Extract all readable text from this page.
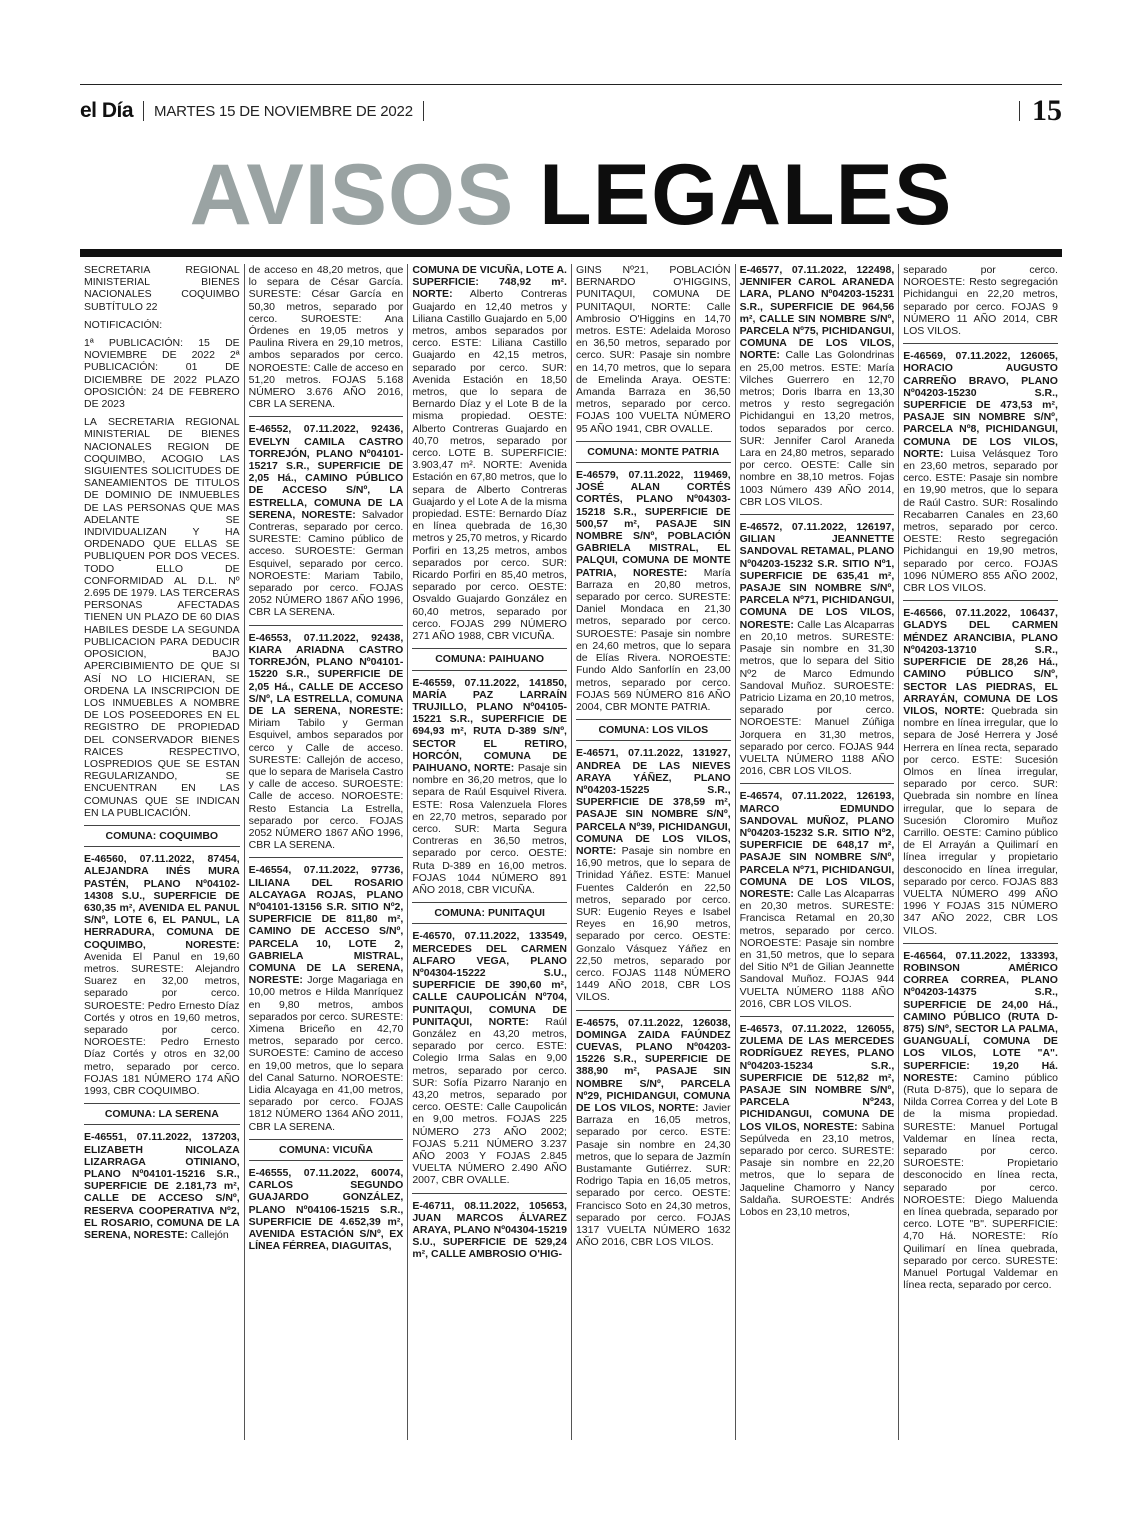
el Día MARTES 15 DE NOVIEMBRE DE 2022	15
AVISOS LEGALES
SECRETARIA REGIONAL MINISTERIAL BIENES NACIONALES COQUIMBO SUBTÍTULO 22
NOTIFICACIÓN:
1ª PUBLICACIÓN: 15 DE NOVIEMBRE DE 2022 2ª PUBLICACIÓN: 01 DE DICIEMBRE DE 2022 PLAZO OPOSICIÓN: 24 DE FEBRERO DE 2023
LA SECRETARIA REGIONAL MINISTERIAL DE BIENES NACIONALES REGION DE COQUIMBO, ACOGIO LAS SIGUIENTES SOLICITUDES DE SANEAMIENTOS DE TITULOS DE DOMINIO DE INMUEBLES DE LAS PERSONAS QUE MAS ADELANTE SE INDIVIDUALIZAN Y HA ORDENADO QUE ELLAS SE PUBLIQUEN POR DOS VECES. TODO ELLO DE CONFORMIDAD AL D.L. Nº 2.695 DE 1979. LAS TERCERAS PERSONAS AFECTADAS TIENEN UN PLAZO DE 60 DIAS HABILES DESDE LA SEGUNDA PUBLICACION PARA DEDUCIR OPOSICION, BAJO APERCIBIMIENTO DE QUE SI ASÍ NO LO HICIERAN, SE ORDENA LA INSCRIPCION DE LOS INMUEBLES A NOMBRE DE LOS POSEEDORES EN EL REGISTRO DE PROPIEDAD DEL CONSERVADOR BIENES RAICES RESPECTIVO, LOSPREDIOS QUE SE ESTAN REGULARIZANDO, SE ENCUENTRAN EN LAS COMUNAS QUE SE INDICAN EN LA PUBLICACIÓN.
COMUNA: COQUIMBO
E-46560, 07.11.2022, 87454, ALEJANDRA INÉS MURA PASTÉN, PLANO Nº04102-14308 S.U., SUPERFICIE DE 630,35 m², AVENIDA EL PANUL S/Nº, LOTE 6, EL PANUL, LA HERRADURA, COMUNA DE COQUIMBO, NORESTE: Avenida El Panul en 19,60 metros. SURESTE: Alejandro Suarez en 32,00 metros, separado por cerco. SUROESTE: Pedro Ernesto Díaz Cortés y otros en 19,60 metros, separado por cerco. NOROESTE: Pedro Ernesto Díaz Cortés y otros en 32,00 metro, separado por cerco. FOJAS 181 NÚMERO 174 AÑO 1993, CBR COQUIMBO.
COMUNA: LA SERENA
E-46551, 07.11.2022, 137203, ELIZABETH NICOLAZA LIZARRAGA OTINIANO, PLANO Nº04101-15216 S.R., SUPERFICIE DE 2.181,73 m², CALLE DE ACCESO S/Nº, RESERVA COOPERATIVA Nº2, EL ROSARIO, COMUNA DE LA SERENA, NORESTE: Callejón
de acceso en 48,20 metros, que lo separa de César García. SURESTE: César García en 50,30 metros, separado por cerco. SUROESTE: Ana Órdenes en 19,05 metros y Paulina Rivera en 29,10 metros, ambos separados por cerco. NOROESTE: Calle de acceso en 51,20 metros. FOJAS 5.168 NÚMERO 3.676 AÑO 2016, CBR LA SERENA.
E-46552, 07.11.2022, 92436, EVELYN CAMILA CASTRO TORREJÓN, PLANO Nº04101-15217 S.R., SUPERFICIE DE 2,05 Há., CAMINO PÚBLICO DE ACCESO S/Nº, LA ESTRELLA, COMUNA DE LA SERENA, NORESTE: Salvador Contreras, separado por cerco. SURESTE: Camino público de acceso. SUROESTE: German Esquivel, separado por cerco. NOROESTE: Mariam Tabilo, separado por cerco. FOJAS 2052 NÚMERO 1867 AÑO 1996, CBR LA SERENA.
E-46553, 07.11.2022, 92438, KIARA ARIADNA CASTRO TORREJÓN, PLANO Nº04101-15220 S.R., SUPERFICIE DE 2,05 Há., CALLE DE ACCESO S/Nº, LA ESTRELLA, COMUNA DE LA SERENA, NORESTE: Miriam Tabilo y German Esquivel, ambos separados por cerco y Calle de acceso. SURESTE: Callejón de acceso, que lo separa de Marisela Castro y calle de acceso. SUROESTE: Calle de acceso. NOROESTE: Resto Estancia La Estrella, separado por cerco. FOJAS 2052 NÚMERO 1867 AÑO 1996, CBR LA SERENA.
E-46554, 07.11.2022, 97736, LILIANA DEL ROSARIO ALCAYAGA ROJAS, PLANO Nº04101-13156 S.R. SITIO Nº2, SUPERFICIE DE 811,80 m², CAMINO DE ACCESO S/Nº, PARCELA 10, LOTE 2, GABRIELA MISTRAL, COMUNA DE LA SERENA, NORESTE: Jorge Magariaga en 10,00 metros e Hilda Manríquez en 9,80 metros, ambos separados por cerco. SURESTE: Ximena Briceño en 42,70 metros, separado por cerco. SUROESTE: Camino de acceso en 19,00 metros, que lo separa del Canal Saturno. NOROESTE: Lidia Alcayaga en 41,00 metros, separado por cerco. FOJAS 1812 NÚMERO 1364 AÑO 2011, CBR LA SERENA.
COMUNA: VICUÑA
E-46555, 07.11.2022, 60074, CARLOS SEGUNDO GUAJARDO GONZÁLEZ, PLANO Nº04106-15215 S.R., SUPERFICIE DE 4.652,39 m², AVENIDA ESTACIÓN S/Nº, EX LÍNEA FÉRREA, DIAGUITAS,
COMUNA DE VICUÑA, LOTE A. SUPERFICIE: 748,92 m². NORTE: Alberto Contreras Guajardo en 12,40 metros y Liliana Castillo Guajardo en 5,00 metros, ambos separados por cerco. ESTE: Liliana Castillo Guajardo en 42,15 metros, separado por cerco. SUR: Avenida Estación en 18,50 metros, que lo separa de Bernardo Díaz y el Lote B de la misma propiedad. OESTE: Alberto Contreras Guajardo en 40,70 metros, separado por cerco. LOTE B. SUPERFICIE: 3.903,47 m². NORTE: Avenida Estación en 67,80 metros, que lo separa de Alberto Contreras Guajardo y el Lote A de la misma propiedad. ESTE: Bernardo Díaz en línea quebrada de 16,30 metros y 25,70 metros, y Ricardo Porfiri en 13,25 metros, ambos separados por cerco. SUR: Ricardo Porfiri en 85,40 metros, separado por cerco. OESTE: Osvaldo Guajardo González en 60,40 metros, separado por cerco. FOJAS 299 NÚMERO 271 AÑO 1988, CBR VICUÑA.
COMUNA: PAIHUANO
E-46559, 07.11.2022, 141850, MARÍA PAZ LARRAÍN TRUJILLO, PLANO Nº04105-15221 S.R., SUPERFICIE DE 694,93 m², RUTA D-389 S/Nº, SECTOR EL RETIRO, HORCÓN, COMUNA DE PAIHUANO, NORTE: Pasaje sin nombre en 36,20 metros, que lo separa de Raúl Esquivel Rivera. ESTE: Rosa Valenzuela Flores en 22,70 metros, separado por cerco. SUR: Marta Segura Contreras en 36,50 metros, separado por cerco. OESTE: Ruta D-389 en 16,00 metros. FOJAS 1044 NÚMERO 891 AÑO 2018, CBR VICUÑA.
COMUNA: PUNITAQUI
E-46570, 07.11.2022, 133549, MERCEDES DEL CARMEN ALFARO VEGA, PLANO Nº04304-15222 S.U., SUPERFICIE DE 390,60 m², CALLE CAUPOLICÁN Nº704, PUNITAQUI, COMUNA DE PUNITAQUI, NORTE: Raúl González en 43,20 metros, separado por cerco. ESTE: Colegio Irma Salas en 9,00 metros, separado por cerco. SUR: Sofía Pizarro Naranjo en 43,20 metros, separado por cerco. OESTE: Calle Caupolicán en 9,00 metros. FOJAS 225 NÚMERO 273 AÑO 2002; FOJAS 5.211 NÚMERO 3.237 AÑO 2003 Y FOJAS 2.845 VUELTA NÚMERO 2.490 AÑO 2007, CBR OVALLE.
E-46711, 08.11.2022, 105653, JUAN MARCOS ÁLVAREZ ARAYA, PLANO Nº04304-15219 S.U., SUPERFICIE DE 529,24 m², CALLE AMBROSIO O'HIG-
GINS Nº21, POBLACIÓN BERNARDO O'HIGGINS, PUNITAQUI, COMUNA DE PUNITAQUI, NORTE: Calle Ambrosio O'Higgins en 14,70 metros. ESTE: Adelaida Moroso en 36,50 metros, separado por cerco. SUR: Pasaje sin nombre en 14,70 metros, que lo separa de Emelinda Araya. OESTE: Amanda Barraza en 36,50 metros, separado por cerco. FOJAS 100 VUELTA NÚMERO 95 AÑO 1941, CBR OVALLE.
COMUNA: MONTE PATRIA
E-46579, 07.11.2022, 119469, JOSÉ ALAN CORTÉS CORTÉS, PLANO Nº04303-15218 S.R., SUPERFICIE DE 500,57 m², PASAJE SIN NOMBRE S/Nº, POBLACIÓN GABRIELA MISTRAL, EL PALQUI, COMUNA DE MONTE PATRIA, NORESTE: María Barraza en 20,80 metros, separado por cerco. SURESTE: Daniel Mondaca en 21,30 metros, separado por cerco. SUROESTE: Pasaje sin nombre en 24,60 metros, que lo separa de Elías Rivera. NOROESTE: Fundo Aldo Sanforlín en 23,00 metros, separado por cerco. FOJAS 569 NÚMERO 816 AÑO 2004, CBR MONTE PATRIA.
COMUNA: LOS VILOS
E-46571, 07.11.2022, 131927, ANDREA DE LAS NIEVES ARAYA YÁÑEZ, PLANO Nº04203-15225 S.R., SUPERFICIE DE 378,59 m², PASAJE SIN NOMBRE S/Nº, PARCELA Nº39, PICHIDANGUI, COMUNA DE LOS VILOS, NORTE: Pasaje sin nombre en 16,90 metros, que lo separa de Trinidad Yáñez. ESTE: Manuel Fuentes Calderón en 22,50 metros, separado por cerco. SUR: Eugenio Reyes e Isabel Reyes en 16,90 metros, separado por cerco. OESTE: Gonzalo Vásquez Yáñez en 22,50 metros, separado por cerco. FOJAS 1148 NÚMERO 1449 AÑO 2018, CBR LOS VILOS.
E-46575, 07.11.2022, 126038, DOMINGA ZAIDA FAÚNDEZ CUEVAS, PLANO Nº04203-15226 S.R., SUPERFICIE DE 388,90 m², PASAJE SIN NOMBRE S/Nº, PARCELA Nº29, PICHIDANGUI, COMUNA DE LOS VILOS, NORTE: Javier Barraza en 16,05 metros, separado por cerco. ESTE: Pasaje sin nombre en 24,30 metros, que lo separa de Jazmín Bustamante Gutiérrez. SUR: Rodrigo Tapia en 16,05 metros, separado por cerco. OESTE: Francisco Soto en 24,30 metros, separado por cerco. FOJAS 1317 VUELTA NÚMERO 1632 AÑO 2016, CBR LOS VILOS.
E-46577, 07.11.2022, 122498, JENNIFER CAROL ARANEDA LARA, PLANO Nº04203-15231 S.R., SUPERFICIE DE 964,56 m², CALLE SIN NOMBRE S/Nº, PARCELA Nº75, PICHIDANGUI, COMUNA DE LOS VILOS, NORTE: Calle Las Golondrinas en 25,00 metros. ESTE: María Vilches Guerrero en 12,70 metros; Doris Ibarra en 13,30 metros y resto segregación Pichidangui en 13,20 metros, todos separados por cerco. SUR: Jennifer Carol Araneda Lara en 24,80 metros, separado por cerco. OESTE: Calle sin nombre en 38,10 metros. Fojas 1003 Número 439 AÑO 2014, CBR LOS VILOS.
E-46572, 07.11.2022, 126197, GILIAN JEANNETTE SANDOVAL RETAMAL, PLANO Nº04203-15232 S.R. SITIO Nº1, SUPERFICIE DE 635,41 m², PASAJE SIN NOMBRE S/Nº, PARCELA Nº71, PICHIDANGUI, COMUNA DE LOS VILOS, NORESTE: Calle Las Alcaparras en 20,10 metros. SURESTE: Pasaje sin nombre en 31,30 metros, que lo separa del Sitio Nº2 de Marco Edmundo Sandoval Muñoz. SUROESTE: Patricio Lizama en 20,10 metros, separado por cerco. NOROESTE: Manuel Zúñiga Jorquera en 31,30 metros, separado por cerco. FOJAS 944 VUELTA NÚMERO 1188 AÑO 2016, CBR LOS VILOS.
E-46574, 07.11.2022, 126193, MARCO EDMUNDO SANDOVAL MUÑOZ, PLANO Nº04203-15232 S.R. SITIO Nº2, SUPERFICIE DE 648,17 m², PASAJE SIN NOMBRE S/Nº, PARCELA Nº71, PICHIDANGUI, COMUNA DE LOS VILOS, NORESTE: Calle Las Alcaparras en 20,30 metros. SURESTE: Francisca Retamal en 20,30 metros, separado por cerco. NOROESTE: Pasaje sin nombre en 31,50 metros, que lo separa del Sitio Nº1 de Gilian Jeannette Sandoval Muñoz. FOJAS 944 VUELTA NÚMERO 1188 AÑO 2016, CBR LOS VILOS.
E-46573, 07.11.2022, 126055, ZULEMA DE LAS MERCEDES RODRÍGUEZ REYES, PLANO Nº04203-15234 S.R., SUPERFICIE DE 512,82 m², PASAJE SIN NOMBRE S/Nº, PARCELA Nº243, PICHIDANGUI, COMUNA DE LOS VILOS, NORESTE: Sabina Sepúlveda en 23,10 metros, separado por cerco. SURESTE: Pasaje sin nombre en 22,20 metros, que lo separa de Jaqueline Chamorro y Nancy Saldaña. SUROESTE: Andrés Lobos en 23,10 metros,
separado por cerco. NOROESTE: Resto segregación Pichidangui en 22,20 metros, separado por cerco. FOJAS 9 NÚMERO 11 AÑO 2014, CBR LOS VILOS.
E-46569, 07.11.2022, 126065, HORACIO AUGUSTO CARREÑO BRAVO, PLANO Nº04203-15230 S.R., SUPERFICIE DE 473,53 m², PASAJE SIN NOMBRE S/Nº, PARCELA Nº8, PICHIDANGUI, COMUNA DE LOS VILOS, NORTE: Luisa Velásquez Toro en 23,60 metros, separado por cerco. ESTE: Pasaje sin nombre en 19,90 metros, que lo separa de Raúl Castro. SUR: Rosalindo Recabarren Canales en 23,60 metros, separado por cerco. OESTE: Resto segregación Pichidangui en 19,90 metros, separado por cerco. FOJAS 1096 NÚMERO 855 AÑO 2002, CBR LOS VILOS.
E-46566, 07.11.2022, 106437, GLADYS DEL CARMEN MÉNDEZ ARANCIBIA, PLANO Nº04203-13710 S.R., SUPERFICIE DE 28,26 Há., CAMINO PÚBLICO S/Nº, SECTOR LAS PIEDRAS, EL ARRAYÁN, COMUNA DE LOS VILOS, NORTE: Quebrada sin nombre en línea irregular, que lo separa de José Herrera y José Herrera en línea recta, separado por cerco. ESTE: Sucesión Olmos en línea irregular, separado por cerco. SUR: Quebrada sin nombre en línea irregular, que lo separa de Sucesión Cloromiro Muñoz Carrillo. OESTE: Camino público de El Arrayán a Quilimarí en línea irregular y propietario desconocido en línea irregular, separado por cerco. FOJAS 883 VUELTA NÚMERO 499 AÑO 1996 Y FOJAS 315 NÚMERO 347 AÑO 2022, CBR LOS VILOS.
E-46564, 07.11.2022, 133393, ROBINSON AMÉRICO CORREA CORREA, PLANO Nº04203-14375 S.R., SUPERFICIE DE 24,00 Há., CAMINO PÚBLICO (RUTA D-875) S/Nº, SECTOR LA PALMA, GUANGUALÍ, COMUNA DE LOS VILOS, LOTE "A". SUPERFICIE: 19,20 Há. NORESTE: Camino público (Ruta D-875), que lo separa de Nilda Correa Correa y del Lote B de la misma propiedad. SURESTE: Manuel Portugal Valdemar en línea recta, separado por cerco. SUROESTE: Propietario desconocido en línea recta, separado por cerco. NOROESTE: Diego Maluenda en línea quebrada, separado por cerco. LOTE "B". SUPERFICIE: 4,70 Há. NORESTE: Río Quilimarí en línea quebrada, separado por cerco. SURESTE: Manuel Portugal Valdemar en línea recta, separado por cerco.
